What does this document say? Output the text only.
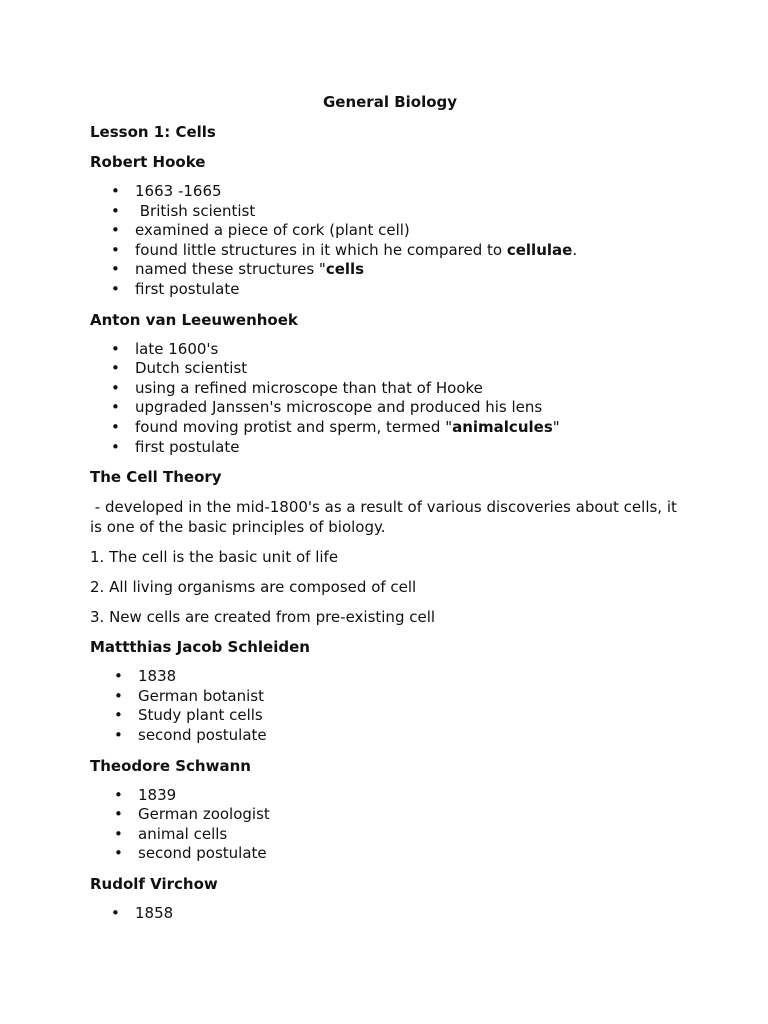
General Biology
Lesson 1: Cells
Robert Hooke
• 1663 -1665
• British scientist
• examined a piece of cork (plant cell)
• found little structures in it which he compared to cellulae.
• named these structures "cells
• first postulate
Anton van Leeuwenhoek
• late 1600's
• Dutch scientist
• using a refined microscope than that of Hooke
• upgraded Janssen's microscope and produced his lens
• found moving protist and sperm, termed "animalcules"
• first postulate
The Cell Theory
- developed in the mid-1800's as a result of various discoveries about cells, it is one of the basic principles of biology.
1. The cell is the basic unit of life
2. All living organisms are composed of cell
3. New cells are created from pre-existing cell
Mattthias Jacob Schleiden
• 1838
• German botanist
• Study plant cells
• second postulate
Theodore Schwann
• 1839
• German zoologist
• animal cells
• second postulate
Rudolf Virchow
• 1858
